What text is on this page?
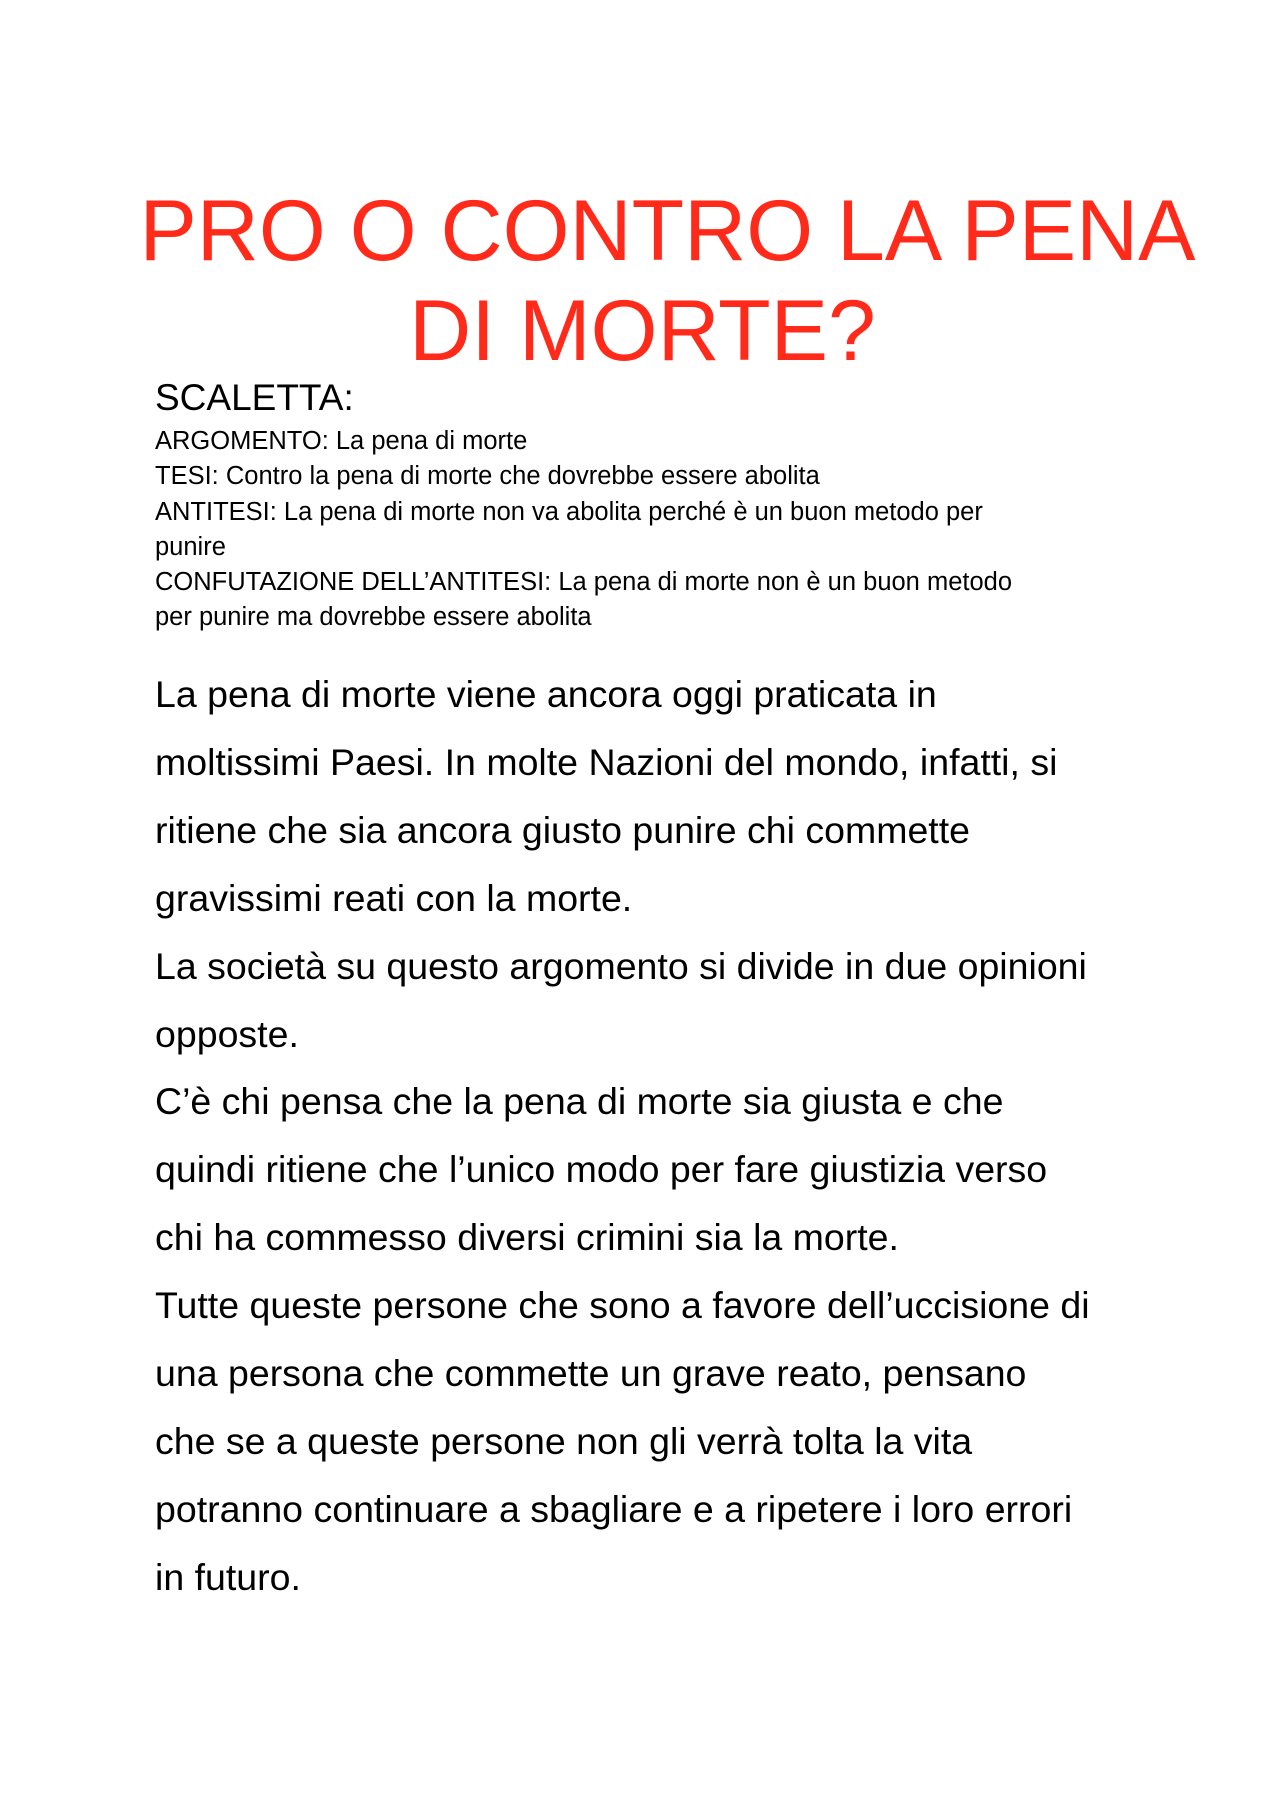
PRO O CONTRO LA PENA
DI MORTE?
SCALETTA:
ARGOMENTO: La pena di morte
TESI: Contro la pena di morte che dovrebbe essere abolita
ANTITESI: La pena di morte non va abolita perché è un buon metodo per
punire
CONFUTAZIONE DELL’ANTITESI: La pena di morte non è un buon metodo
per punire ma dovrebbe essere abolita
La pena di morte viene ancora oggi praticata in
moltissimi Paesi. In molte Nazioni del mondo, infatti, si
ritiene che sia ancora giusto punire chi commette
gravissimi reati con la morte.
La società su questo argomento si divide in due opinioni
opposte.
C’è chi pensa che la pena di morte sia giusta e che
quindi ritiene che l’unico modo per fare giustizia verso
chi ha commesso diversi crimini sia la morte.
Tutte queste persone che sono a favore dell’uccisione di
una persona che commette un grave reato, pensano
che se a queste persone non gli verrà tolta la vita
potranno continuare a sbagliare e a ripetere i loro errori
in futuro.
